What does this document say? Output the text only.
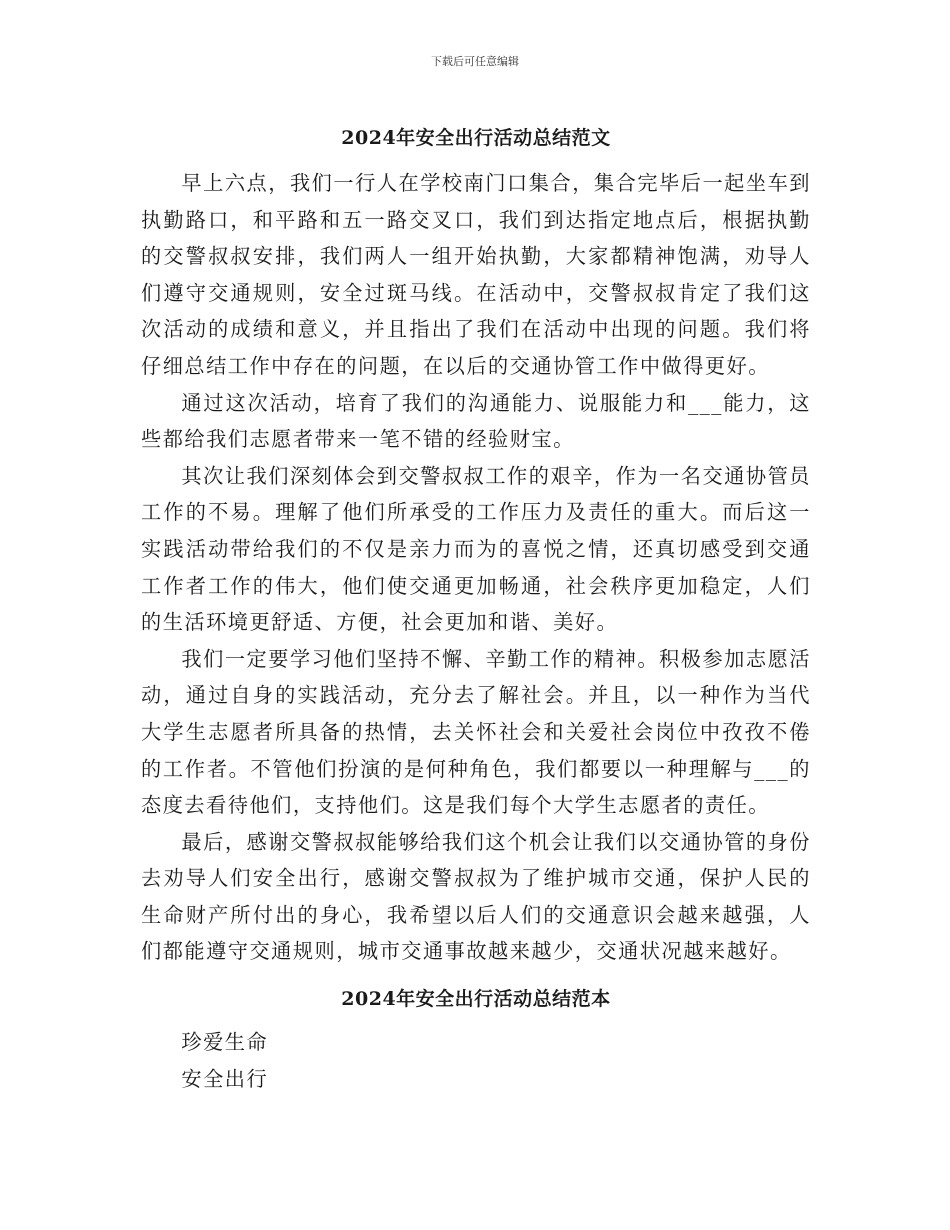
下载后可任意编辑
2024年安全出行活动总结范文

早上六点，我们一行人在学校南门口集合，集合完毕后一起坐车到执勤路口，和平路和五一路交叉口，我们到达指定地点后，根据执勤的交警叔叔安排，我们两人一组开始执勤，大家都精神饱满，劝导人们遵守交通规则，安全过斑马线。在活动中，交警叔叔肯定了我们这次活动的成绩和意义，并且指出了我们在活动中出现的问题。我们将仔细总结工作中存在的问题，在以后的交通协管工作中做得更好。

通过这次活动，培育了我们的沟通能力、说服能力和___能力，这些都给我们志愿者带来一笔不错的经验财宝。

其次让我们深刻体会到交警叔叔工作的艰辛，作为一名交通协管员工作的不易。理解了他们所承受的工作压力及责任的重大。而后这一实践活动带给我们的不仅是亲力而为的喜悦之情，还真切感受到交通工作者工作的伟大，他们使交通更加畅通，社会秩序更加稳定，人们的生活环境更舒适、方便，社会更加和谐、美好。

我们一定要学习他们坚持不懈、辛勤工作的精神。积极参加志愿活动，通过自身的实践活动，充分去了解社会。并且，以一种作为当代大学生志愿者所具备的热情，去关怀社会和关爱社会岗位中孜孜不倦的工作者。不管他们扮演的是何种角色，我们都要以一种理解与___的态度去看待他们，支持他们。这是我们每个大学生志愿者的责任。

最后，感谢交警叔叔能够给我们这个机会让我们以交通协管的身份去劝导人们安全出行，感谢交警叔叔为了维护城市交通，保护人民的生命财产所付出的身心，我希望以后人们的交通意识会越来越强，人们都能遵守交通规则，城市交通事故越来越少，交通状况越来越好。

2024年安全出行活动总结范本

珍爱生命

安全出行
